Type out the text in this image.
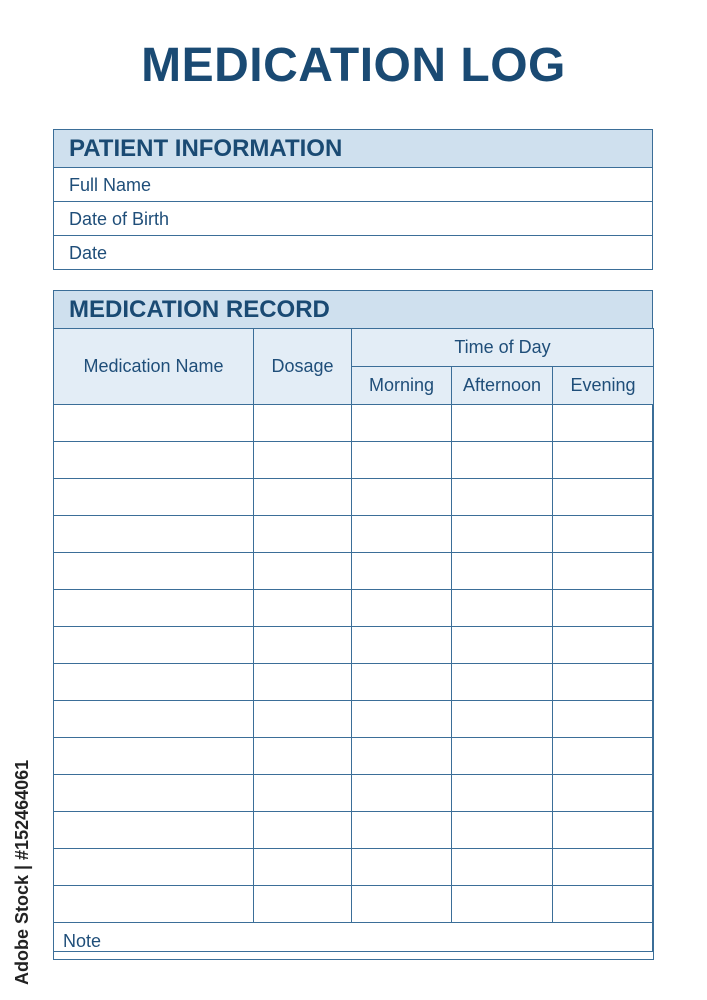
MEDICATION LOG
PATIENT INFORMATION
Full Name
Date of Birth
Date
MEDICATION RECORD
Medication Name	Dosage	Time of Day		
		Morning	Afternoon	Evening

Note				
Adobe Stock | #152464061
